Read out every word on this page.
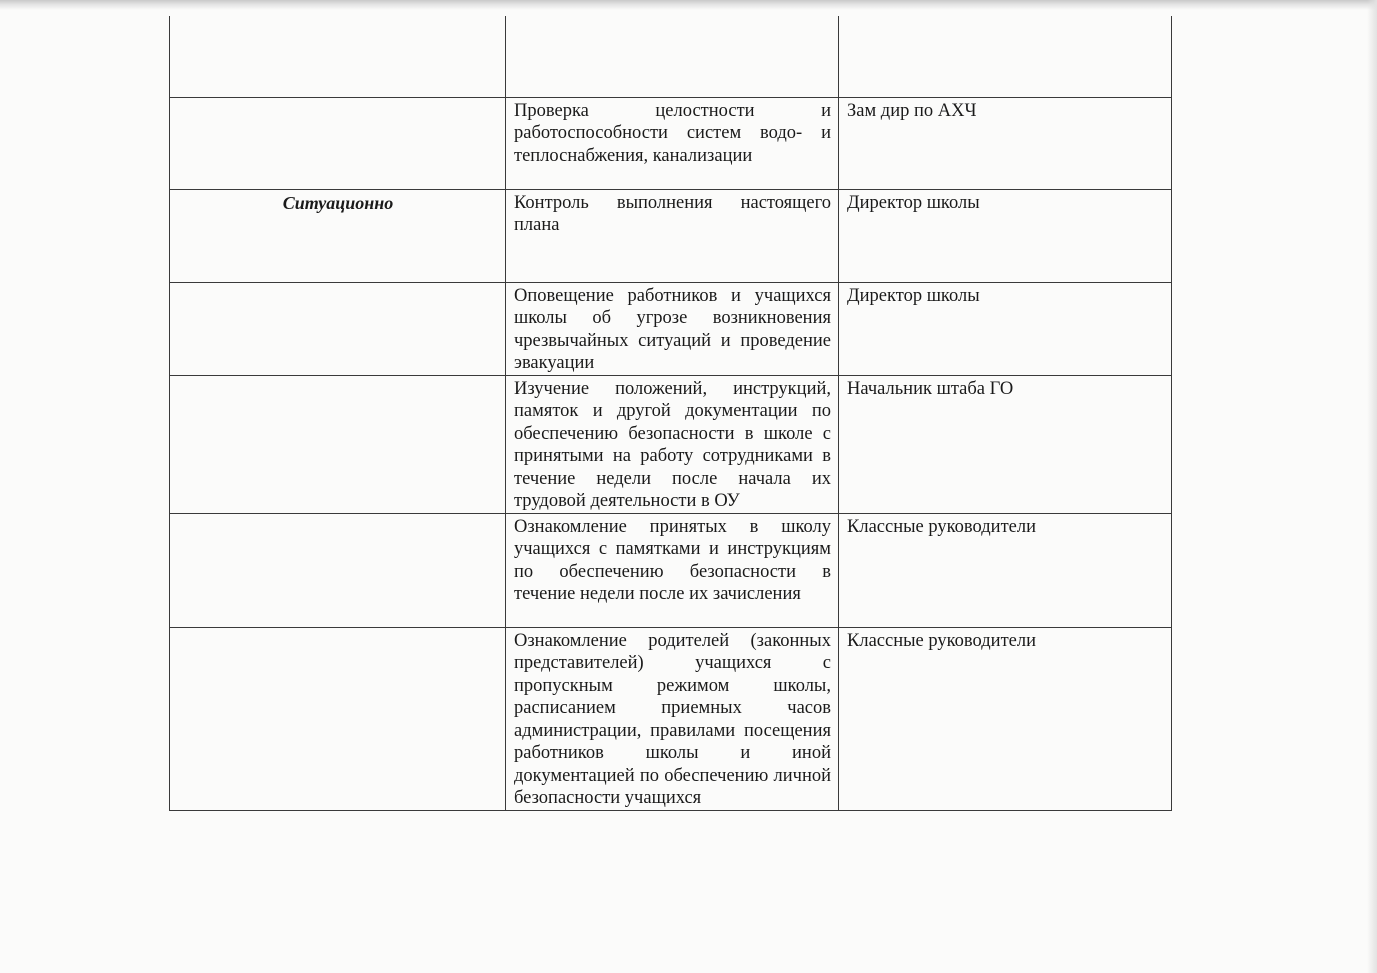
	Проверка целостности и работоспособности систем водо- и теплоснабжения, канализации	Зам дир по АХЧ
Ситуационно	Контроль выполнения настоящего плана	Директор школы
	Оповещение работников и учащихся школы об угрозе возникновения чрезвычайных ситуаций и проведение эвакуации	Директор школы
	Изучение положений, инструкций, памяток и другой документации по обеспечению безопасности в школе с принятыми на работу сотрудниками в течение недели после начала их трудовой деятельности в ОУ	Начальник штаба ГО
	Ознакомление принятых в школу учащихся с памятками и инструкциям по обеспечению безопасности в течение недели после их зачисления	Классные руководители
	Ознакомление родителей (законных представителей) учащихся с пропускным режимом школы, расписанием приемных часов администрации, правилами посещения работников школы и иной документацией по обеспечению личной безопасности учащихся	Классные руководители
